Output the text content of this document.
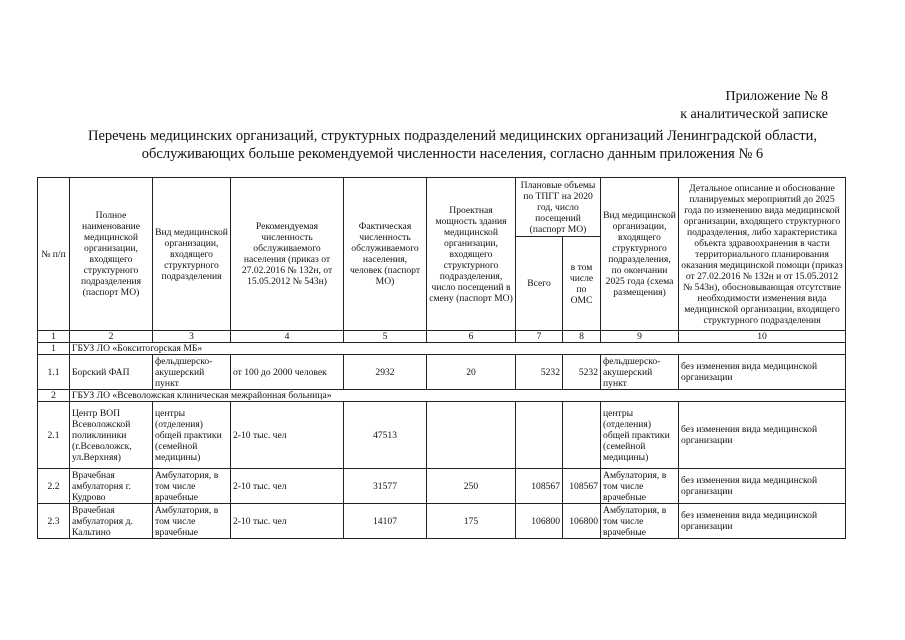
Приложение № 8
к аналитической записке
Перечень медицинских организаций, структурных подразделений медицинских организаций Ленинградской области,
обслуживающих больше рекомендуемой численности населения, согласно данным приложения № 6
№ п/п	Полное наименование медицинской организации, входящего структурного подразделения (паспорт МО)	Вид медицинской организации, входящего структурного подразделения	Рекомендуемая численность обслуживаемого населения (приказ от 27.02.2016 № 132н, от 15.05.2012 № 543н)	Фактическая численность обслуживаемого населения, человек (паспорт МО)	Проектная мощность здания медицинской организации, входящего структурного подразделения, число посещений в смену (паспорт МО)	Плановые объемы по ТПГГ на 2020 год, число посещений (паспорт МО)		Вид медицинской организации, входящего структурного подразделения, по окончании 2025 года (схема размещения)	Детальное описание и обоснование планируемых мероприятий до 2025 года по изменению вида медицинской организации, входящего структурного подразделения, либо характеристика объекта здравоохранения в части территориального планирования оказания медицинской помощи (приказ от 27.02.2016 № 132н и от 15.05.2012 № 543н), обосновывающая отсутствие необходимости изменения вида медицинской организации, входящего структурного подразделения
						Всего	в том числе по ОМС		
1	2	3	4	5	6	7	8	9	10
1	ГБУЗ ЛО «Бокситогорская МБ»								
1.1	Борский ФАП	фельдшерско-акушерский пункт	от 100 до 2000 человек	2932	20	5232	5232	фельдшерско-акушерский пункт	без изменения вида медицинской организации
2	ГБУЗ ЛО «Всеволожская клиническая межрайонная больница»								
2.1	Центр ВОП Всеволожской поликлиники (г.Всеволожск, ул.Верхняя)	центры (отделения) общей практики (семейной медицины)	2-10 тыс. чел	47513				центры (отделения) общей практики (семейной медицины)	без изменения вида медицинской организации
2.2	Врачебная амбулатория г. Кудрово	Амбулатория, в том числе врачебные	2-10 тыс. чел	31577	250	108567	108567	Амбулатория, в том числе врачебные	без изменения вида медицинской организации
2.3	Врачебная амбулатория д. Кальтино	Амбулатория, в том числе врачебные	2-10 тыс. чел	14107	175	106800	106800	Амбулатория, в том числе врачебные	без изменения вида медицинской организации
